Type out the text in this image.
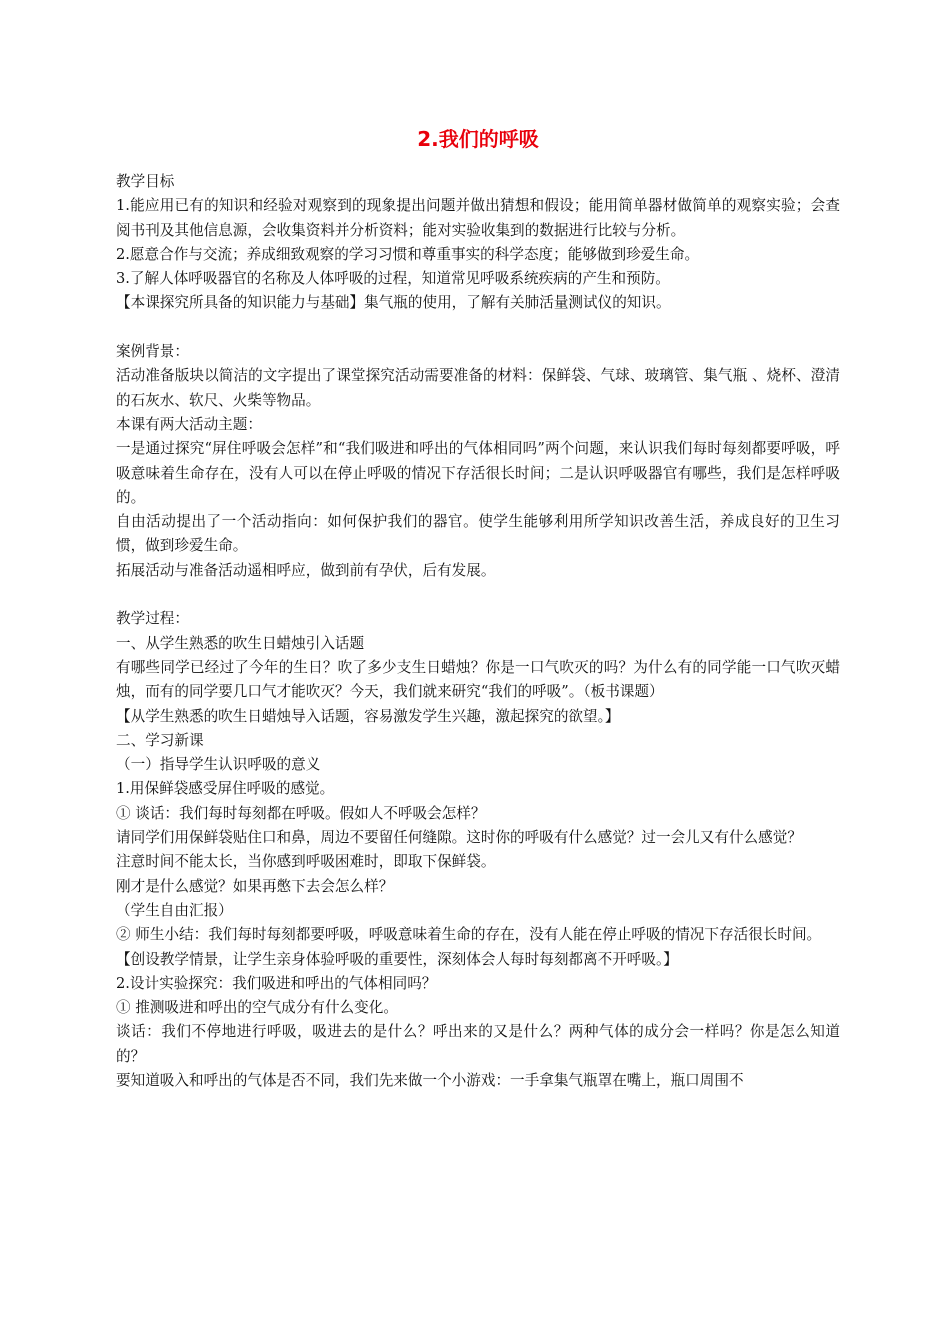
2.我们的呼吸

教学目标

1.能应用已有的知识和经验对观察到的现象提出问题并做出猜想和假设；能用简单器材做简单的观察实验；会查阅书刊及其他信息源，会收集资料并分析资料；能对实验收集到的数据进行比较与分析。

2.愿意合作与交流；养成细致观察的学习习惯和尊重事实的科学态度；能够做到珍爱生命。

3.了解人体呼吸器官的名称及人体呼吸的过程，知道常见呼吸系统疾病的产生和预防。

【本课探究所具备的知识能力与基础】集气瓶的使用，了解有关肺活量测试仪的知识。

案例背景：

活动准备版块以简洁的文字提出了课堂探究活动需要准备的材料：保鲜袋、气球、玻璃管、集气瓶 、烧杯、澄清的石灰水、软尺、火柴等物品。

本课有两大活动主题：

一是通过探究“屏住呼吸会怎样”和“我们吸进和呼出的气体相同吗”两个问题，来认识我们每时每刻都要呼吸，呼吸意味着生命存在，没有人可以在停止呼吸的情况下存活很长时间；二是认识呼吸器官有哪些，我们是怎样呼吸的。

自由活动提出了一个活动指向：如何保护我们的器官。使学生能够利用所学知识改善生活，养成良好的卫生习惯，做到珍爱生命。

拓展活动与准备活动遥相呼应，做到前有孕伏，后有发展。

教学过程：

一、从学生熟悉的吹生日蜡烛引入话题

有哪些同学已经过了今年的生日？吹了多少支生日蜡烛？你是一口气吹灭的吗？为什么有的同学能一口气吹灭蜡烛，而有的同学要几口气才能吹灭？今天，我们就来研究“我们的呼吸”。（板书课题）

【从学生熟悉的吹生日蜡烛导入话题，容易激发学生兴趣，激起探究的欲望。】

二、学习新课

（一）指导学生认识呼吸的意义

1.用保鲜袋感受屏住呼吸的感觉。

① 谈话：我们每时每刻都在呼吸。假如人不呼吸会怎样？

请同学们用保鲜袋贴住口和鼻，周边不要留任何缝隙。这时你的呼吸有什么感觉？过一会儿又有什么感觉？

注意时间不能太长，当你感到呼吸困难时，即取下保鲜袋。

刚才是什么感觉？如果再憋下去会怎么样？

（学生自由汇报）

② 师生小结：我们每时每刻都要呼吸，呼吸意味着生命的存在，没有人能在停止呼吸的情况下存活很长时间。

【创设教学情景，让学生亲身体验呼吸的重要性，深刻体会人每时每刻都离不开呼吸。】

2.设计实验探究：我们吸进和呼出的气体相同吗？

① 推测吸进和呼出的空气成分有什么变化。

谈话：我们不停地进行呼吸，吸进去的是什么？呼出来的又是什么？两种气体的成分会一样吗？你是怎么知道的？

要知道吸入和呼出的气体是否不同，我们先来做一个小游戏：一手拿集气瓶罩在嘴上，瓶口周围不
